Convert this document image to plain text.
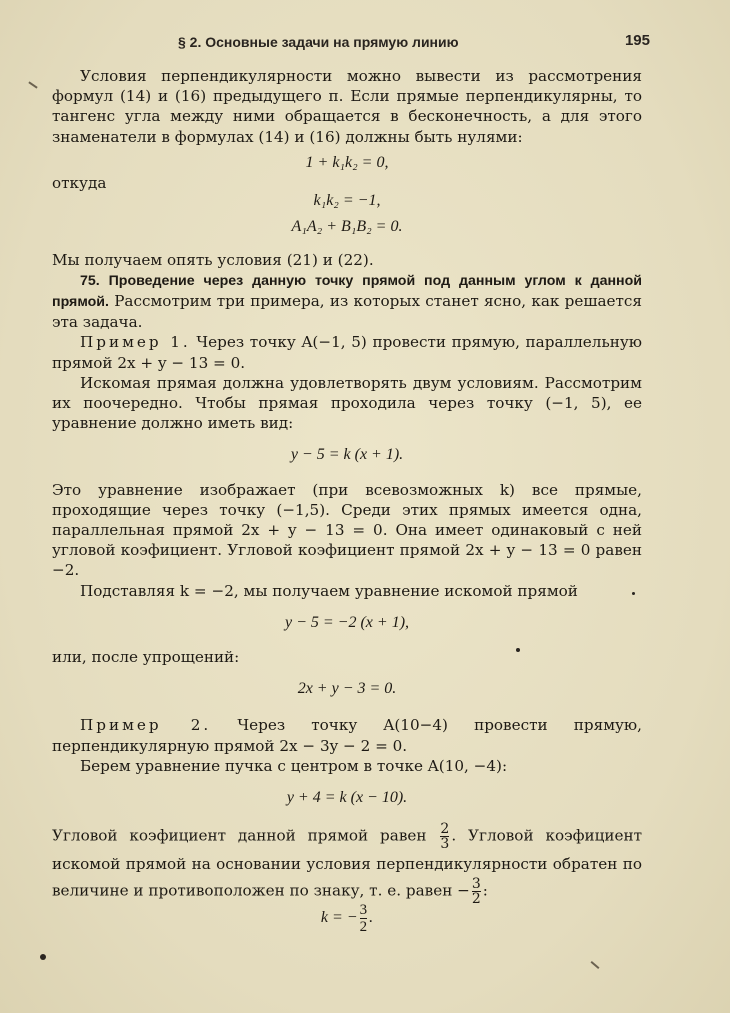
§ 2. Основные задачи на прямую линию	195

Условия перпендикулярности можно вывести из рассмотрения формул (14) и (16) предыдущего п. Если прямые перпендикулярны, то тангенс угла между ними обращается в бесконечность, а для этого знаменатели в формулах (14) и (16) должны быть нулями:

1 + k₁k₂ = 0,

откуда

k₁k₂ = −1,
A₁A₂ + B₁B₂ = 0.

Мы получаем опять условия (21) и (22).

75. Проведение через данную точку прямой под данным углом к данной прямой. Рассмотрим три примера, из которых станет ясно, как решается эта задача.

Пример 1. Через точку A(−1, 5) провести прямую, параллельную прямой 2x + y − 13 = 0.

Искомая прямая должна удовлетворять двум условиям. Рассмотрим их поочередно. Чтобы прямая проходила через точку (−1, 5), ее уравнение должно иметь вид:

y − 5 = k (x + 1).

Это уравнение изображает (при всевозможных k) все прямые, проходящие через точку (−1,5). Среди этих прямых имеется одна, параллельная прямой 2x + y − 13 = 0. Она имеет одинаковый с ней угловой коэфициент. Угловой коэфициент прямой 2x + y − 13 = 0 равен −2.

Подставляя k = −2, мы получаем уравнение искомой прямой

y − 5 = −2 (x + 1),

или, после упрощений:

2x + y − 3 = 0.

Пример 2. Через точку A(10−4) провести прямую, перпендикулярную прямой 2x − 3y − 2 = 0.

Берем уравнение пучка с центром в точке A(10, −4):

y + 4 = k (x − 10).

Угловой коэфициент данной прямой равен $\frac{2}{3}$ . Угловой коэфициент искомой прямой на основании условия перпендикулярности обратен по величине и противоположен по знаку, т. е. равен − $\frac{3}{2}$ :

k = − $\frac{3}{2}$ .
